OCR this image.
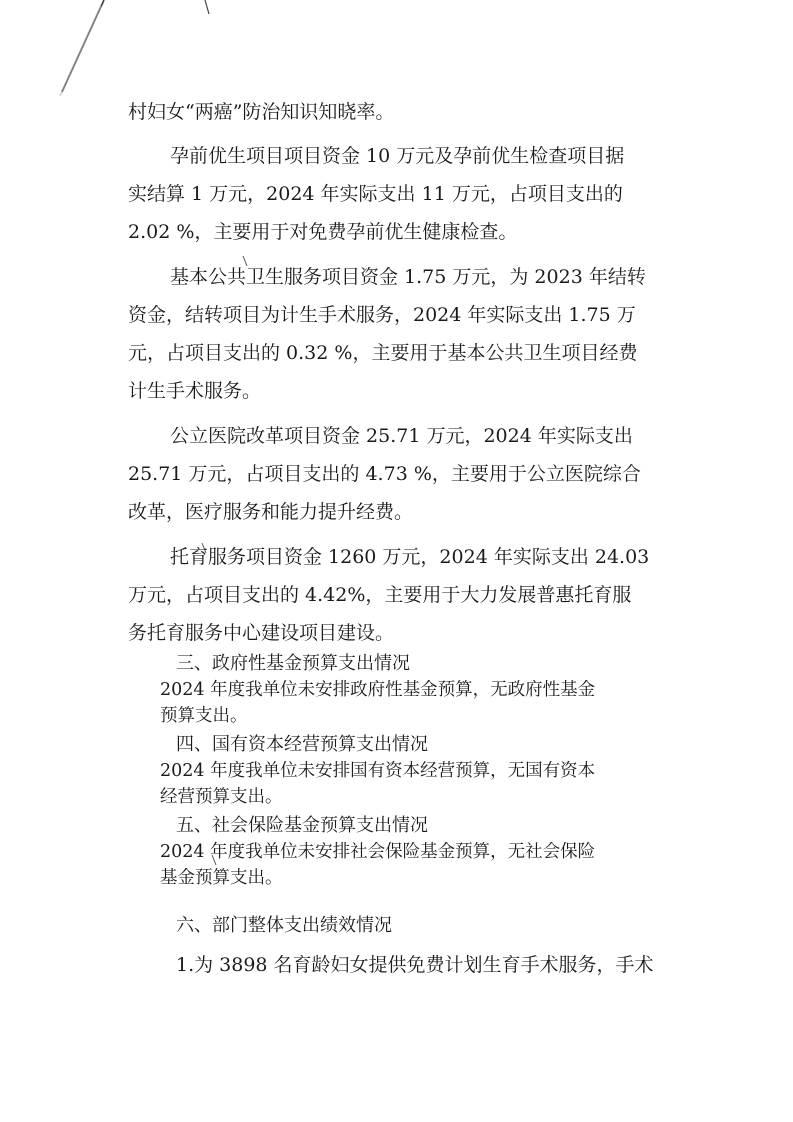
村妇女“两癌”防治知识知晓率。
孕前优生项目项目资金 10 万元及孕前优生检查项目据
实结算 1 万元，2024 年实际支出 11 万元，占项目支出的
2.02 %，主要用于对免费孕前优生健康检查。
基本公共卫生服务项目资金 1.75 万元，为 2023 年结转
资金，结转项目为计生手术服务，2024 年实际支出 1.75 万
元，占项目支出的 0.32 %，主要用于基本公共卫生项目经费
计生手术服务。
公立医院改革项目资金 25.71 万元，2024 年实际支出
25.71 万元，占项目支出的 4.73 %，主要用于公立医院综合
改革，医疗服务和能力提升经费。
托育服务项目资金 1260 万元，2024 年实际支出 24.03
万元，占项目支出的 4.42%，主要用于大力发展普惠托育服
务托育服务中心建设项目建设。
三、政府性基金预算支出情况
2024 年度我单位未安排政府性基金预算，无政府性基金
预算支出。
四、国有资本经营预算支出情况
2024 年度我单位未安排国有资本经营预算，无国有资本
经营预算支出。
五、社会保险基金预算支出情况
2024 年度我单位未安排社会保险基金预算，无社会保险
基金预算支出。
六、部门整体支出绩效情况
1.为 3898 名育龄妇女提供免费计划生育手术服务，手术
